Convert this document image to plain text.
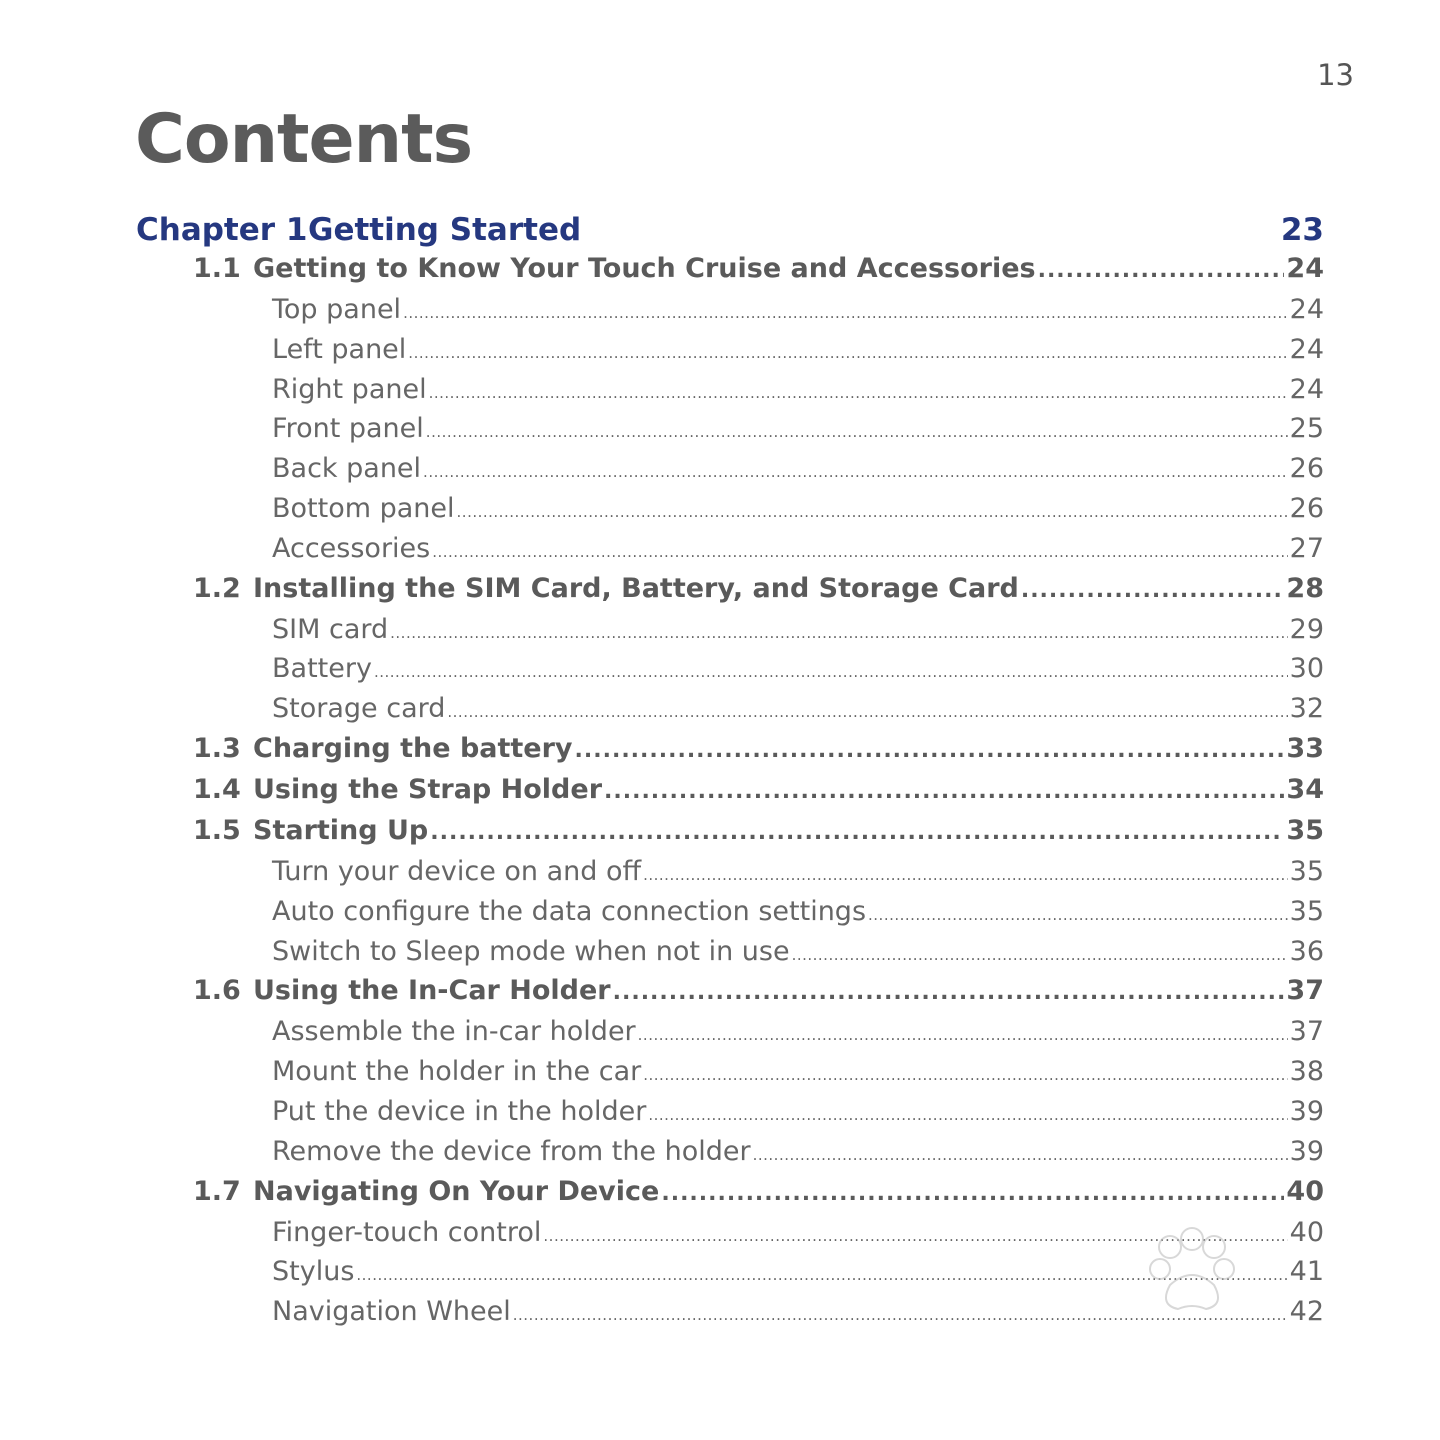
13
Contents
Chapter 1 Getting Started	23
1.1 Getting to Know Your Touch Cruise and Accessories .....	24
Top panel .....	24
Left panel .....	24
Right panel .....	24
Front panel .....	25
Back panel .....	26
Bottom panel .....	26
Accessories .....	27
1.2 Installing the SIM Card, Battery, and Storage Card .....	28
SIM card .....	29
Battery .....	30
Storage card .....	32
1.3 Charging the battery .....	33
1.4 Using the Strap Holder .....	34
1.5 Starting Up .....	35
Turn your device on and off .....	35
Auto configure the data connection settings .....	35
Switch to Sleep mode when not in use .....	36
1.6 Using the In-Car Holder .....	37
Assemble the in-car holder .....	37
Mount the holder in the car .....	38
Put the device in the holder .....	39
Remove the device from the holder .....	39
1.7 Navigating On Your Device .....	40
Finger-touch control .....	40
Stylus .....	41
Navigation Wheel .....	42
